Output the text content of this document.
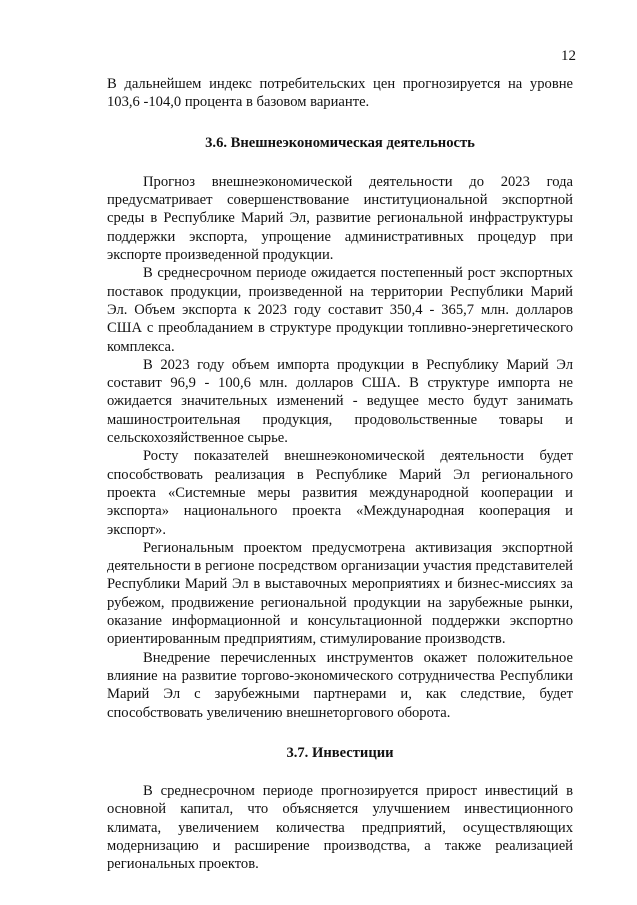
12

В дальнейшем индекс потребительских цен прогнозируется на уровне 103,6 -104,0 процента в базовом варианте.

3.6. Внешнеэкономическая деятельность

Прогноз внешнеэкономической деятельности до 2023 года предусматривает совершенствование институциональной экспортной среды в Республике Марий Эл, развитие региональной инфраструктуры поддержки экспорта, упрощение административных процедур при экспорте произведенной продукции.

В среднесрочном периоде ожидается постепенный рост экспортных поставок продукции, произведенной на территории Республики Марий Эл. Объем экспорта к 2023 году составит 350,4 - 365,7 млн. долларов США с преобладанием в структуре продукции топливно-энергетического комплекса.

В 2023 году объем импорта продукции в Республику Марий Эл составит 96,9 - 100,6 млн. долларов США. В структуре импорта не ожидается значительных изменений - ведущее место будут занимать машиностроительная продукция, продовольственные товары и сельскохозяйственное сырье.

Росту показателей внешнеэкономической деятельности будет способствовать реализация в Республике Марий Эл регионального проекта «Системные меры развития международной кооперации и экспорта» национального проекта «Международная кооперация и экспорт».

Региональным проектом предусмотрена активизация экспортной деятельности в регионе посредством организации участия представителей Республики Марий Эл в выставочных мероприятиях и бизнес-миссиях за рубежом, продвижение региональной продукции на зарубежные рынки, оказание информационной и консультационной поддержки экспортно ориентированным предприятиям, стимулирование производств.

Внедрение перечисленных инструментов окажет положительное влияние на развитие торгово-экономического сотрудничества Республики Марий Эл с зарубежными партнерами и, как следствие, будет способствовать увеличению внешнеторгового оборота.

3.7. Инвестиции

В среднесрочном периоде прогнозируется прирост инвестиций в основной капитал, что объясняется улучшением инвестиционного климата, увеличением количества предприятий, осуществляющих модернизацию и расширение производства, а также реализацией региональных проектов.
